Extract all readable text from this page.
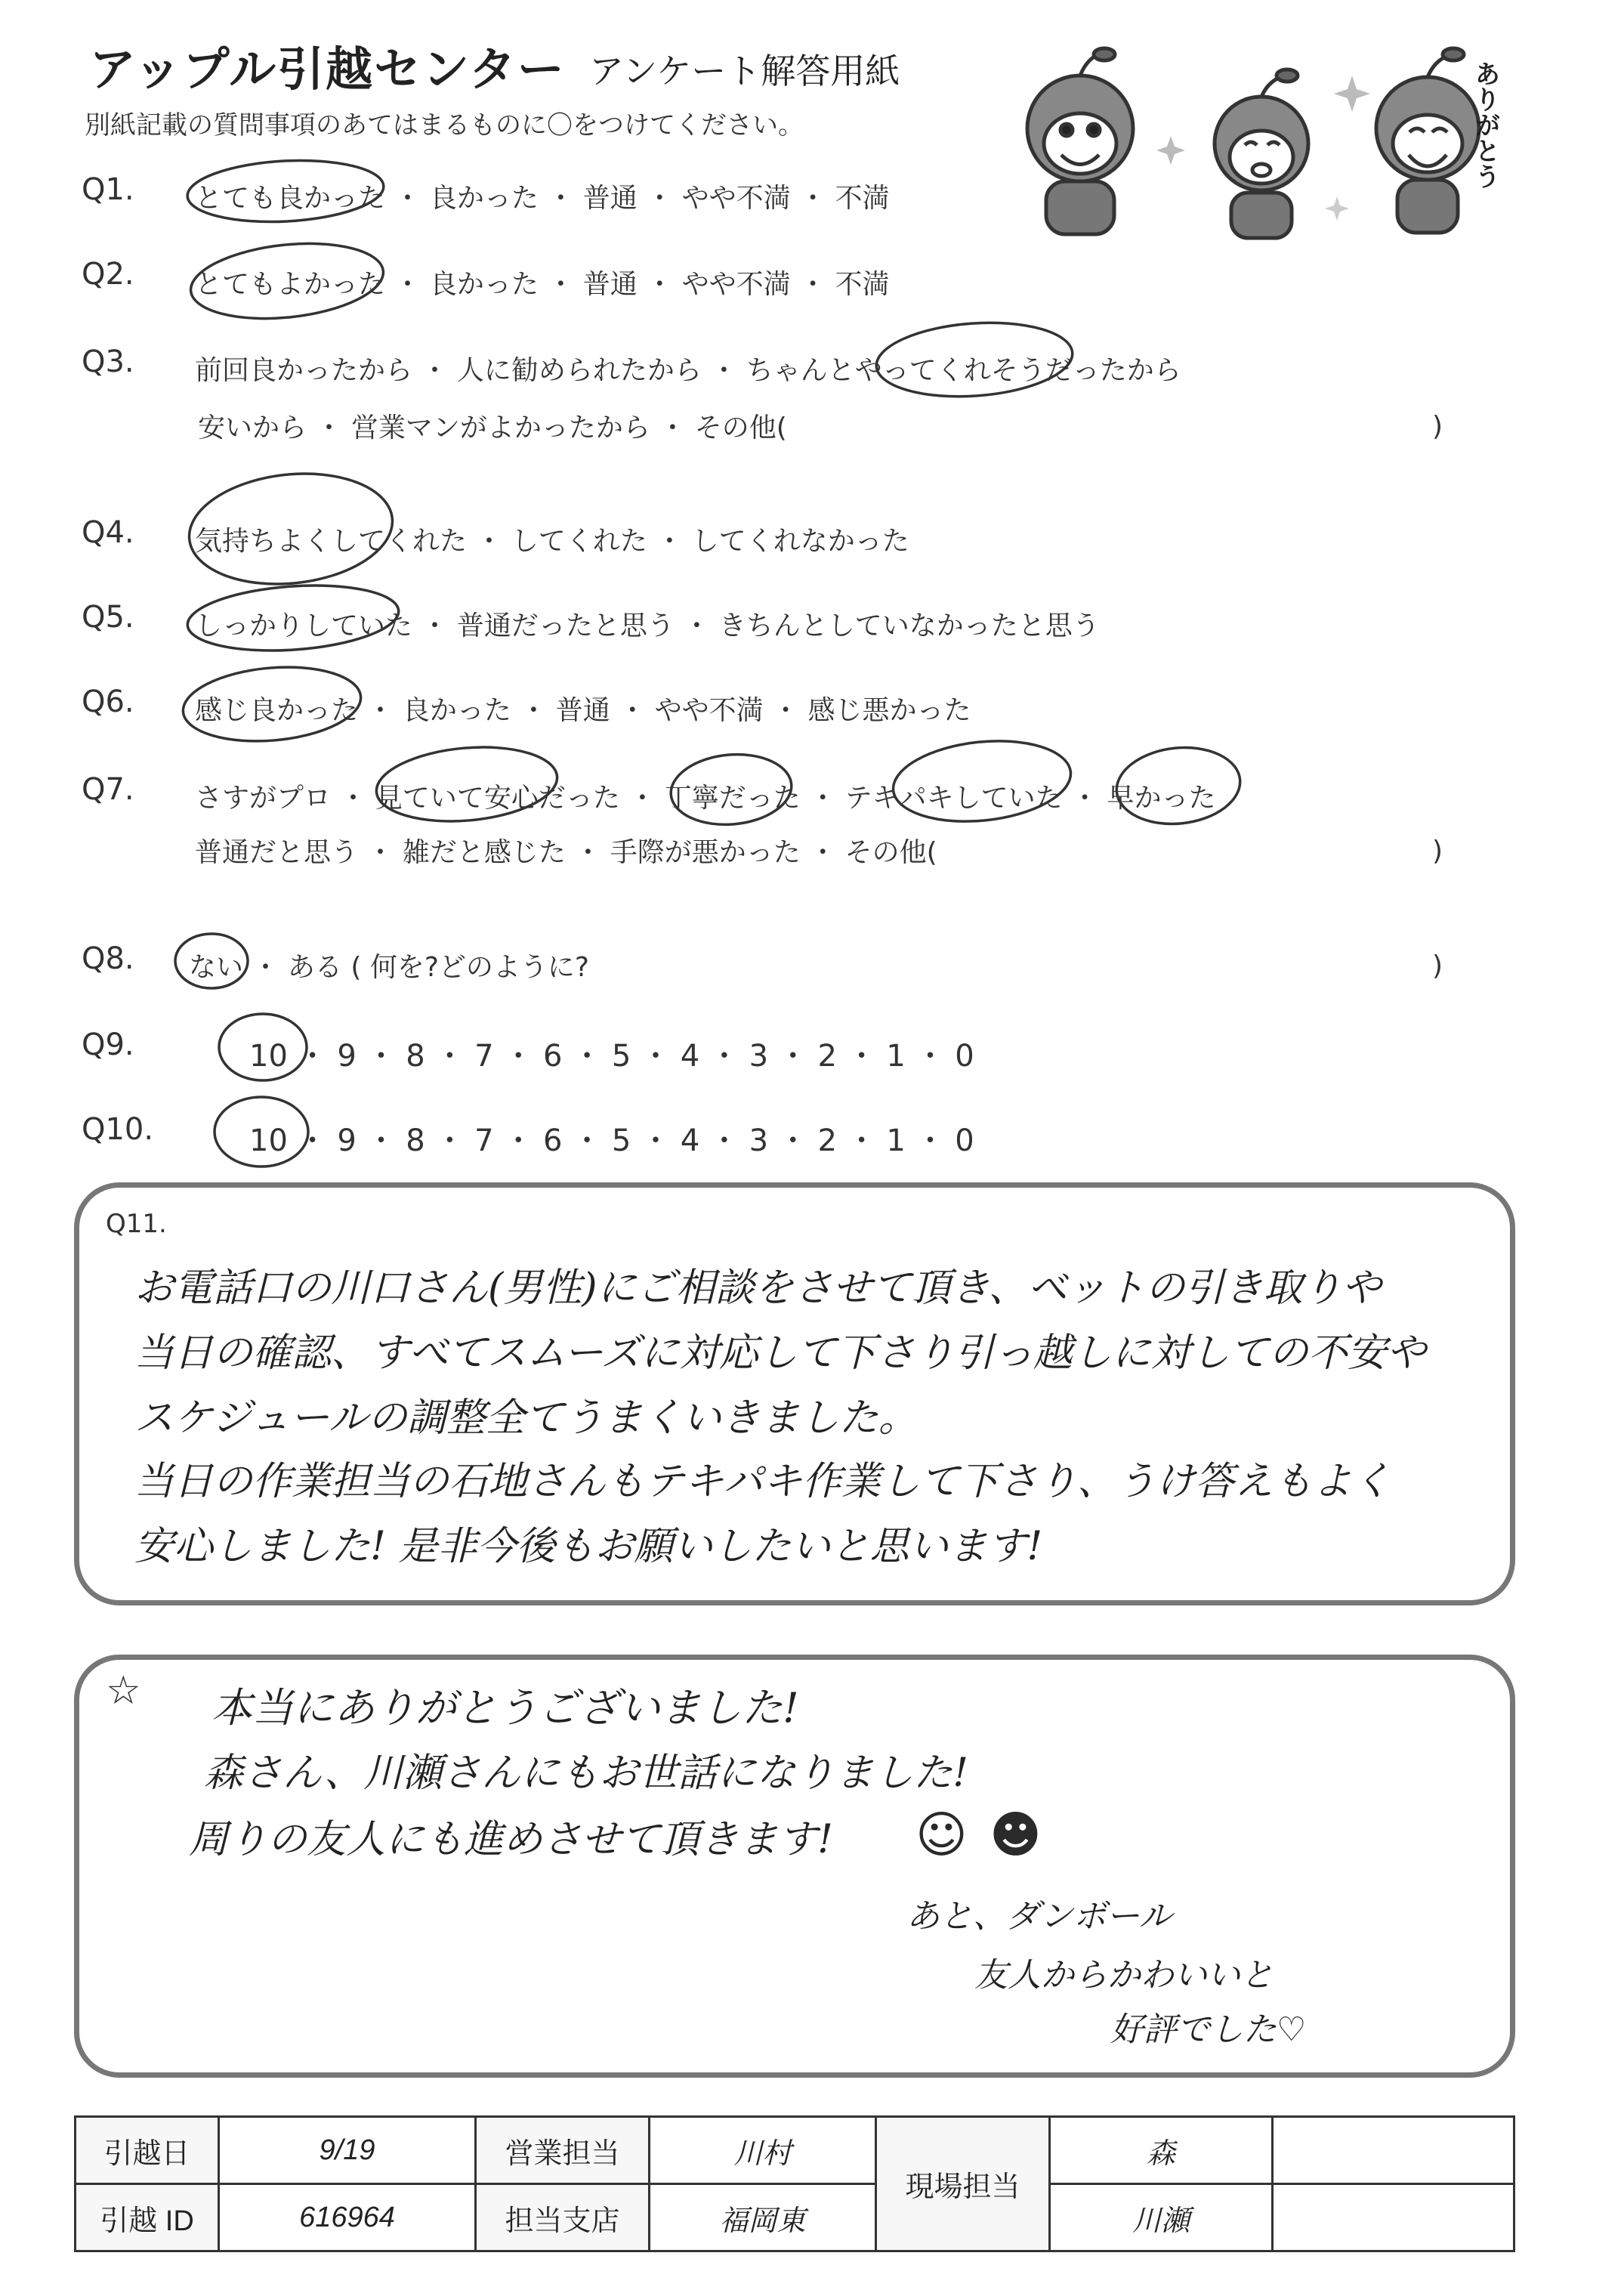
アップル引越センター アンケート解答用紙
別紙記載の質問事項のあてはまるものに〇をつけてください。	ありがとう
Q1. とても良かった ・ 良かった ・ 普通 ・ やや不満 ・ 不満
Q2. とてもよかった ・ 良かった ・ 普通 ・ やや不満 ・ 不満
Q3. 前回良かったから ・ 人に勧められたから ・ ちゃんとやってくれそうだったから
安いから ・ 営業マンがよかったから ・ その他(	)
Q4. 気持ちよくしてくれた ・ してくれた ・ してくれなかった
Q5. しっかりしていた ・ 普通だったと思う ・ きちんとしていなかったと思う
Q6. 感じ良かった ・ 良かった ・ 普通 ・ やや不満 ・ 感じ悪かった
Q7. さすがプロ ・ 見ていて安心だった ・ 丁寧だった ・ テキパキしていた ・ 早かった
普通だと思う ・ 雑だと感じた ・ 手際が悪かった ・ その他(	)
Q8. ない ・ ある ( 何を?どのように?	)
Q9.	10 ・ 9 ・ 8 ・ 7 ・ 6 ・ 5 ・ 4 ・ 3 ・ 2 ・ 1 ・ 0
Q10.	10 ・ 9 ・ 8 ・ 7 ・ 6 ・ 5 ・ 4 ・ 3 ・ 2 ・ 1 ・ 0
Q11.
お電話口の川口さん(男性)にご相談をさせて頂き、ベットの引き取りや
当日の確認、すべてスムーズに対応して下さり引っ越しに対しての不安や
スケジュールの調整全てうまくいきました。
当日の作業担当の石地さんもテキパキ作業して下さり、うけ答えもよく
安心しました! 是非今後もお願いしたいと思います!
☆ 本当にありがとうございました!
森さん、川瀬さんにもお世話になりました!
周りの友人にも進めさせて頂きます! ☺ ☻
あと、ダンボール
友人からかわいいと
好評でした♡
引越日	9/19	営業担当	川村	現場担当	森	
引越 ID	616964	担当支店	福岡東		川瀬	
